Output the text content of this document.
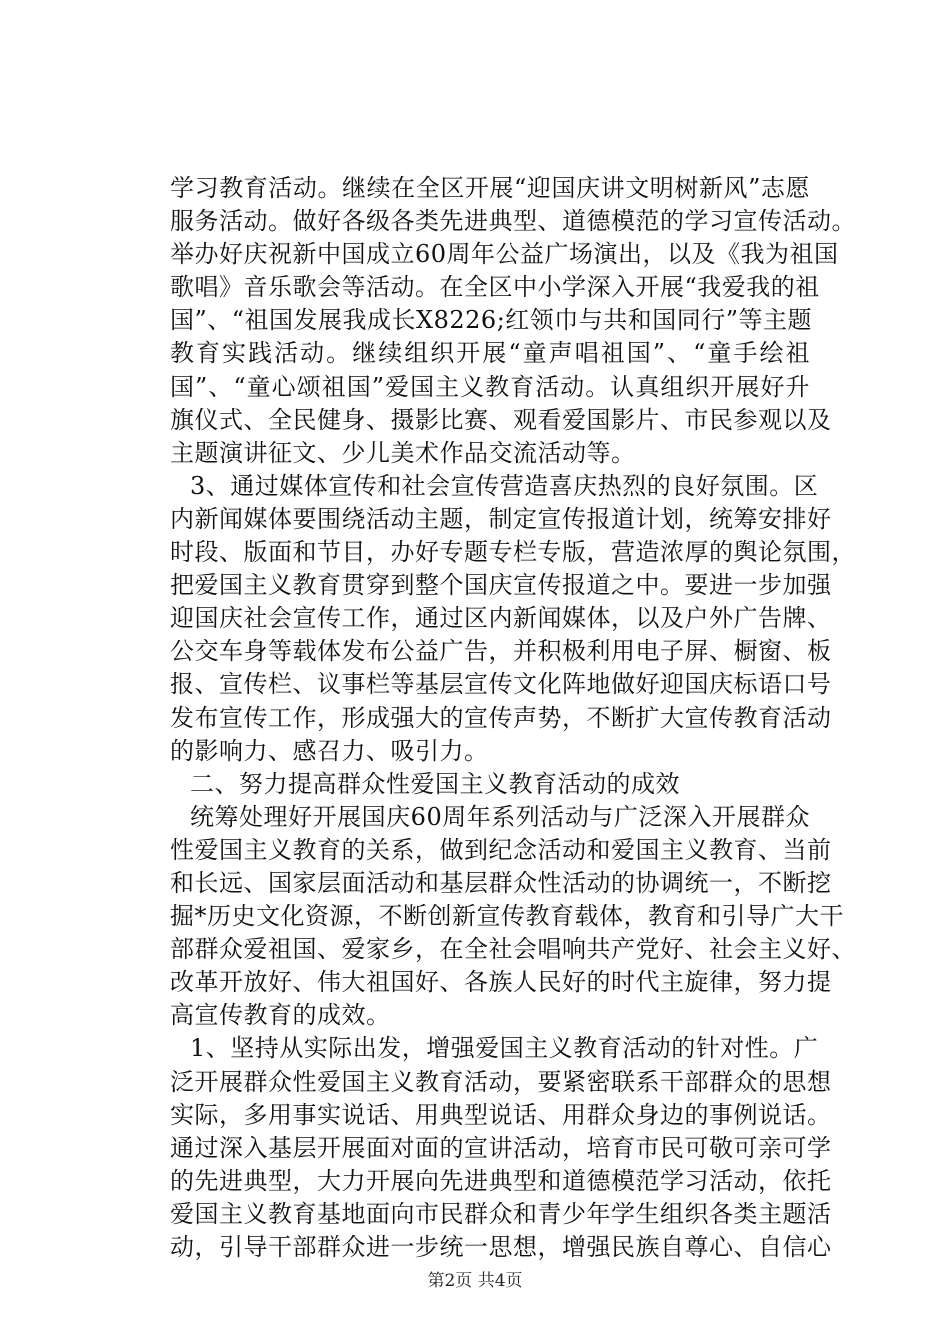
学习教育活动。继续在全区开展“迎国庆讲文明树新风”志愿
服务活动。做好各级各类先进典型、道德模范的学习宣传活动。
举办好庆祝新中国成立60周年公益广场演出，以及《我为祖国
歌唱》音乐歌会等活动。在全区中小学深入开展“我爱我的祖
国”、“祖国发展我成长X8226;红领巾与共和国同行”等主题
教育实践活动。继续组织开展“童声唱祖国”、“童手绘祖
国”、“童心颂祖国”爱国主义教育活动。认真组织开展好升
旗仪式、全民健身、摄影比赛、观看爱国影片、市民参观以及
主题演讲征文、少儿美术作品交流活动等。
3、通过媒体宣传和社会宣传营造喜庆热烈的良好氛围。区
内新闻媒体要围绕活动主题，制定宣传报道计划，统筹安排好
时段、版面和节目，办好专题专栏专版，营造浓厚的舆论氛围，
把爱国主义教育贯穿到整个国庆宣传报道之中。要进一步加强
迎国庆社会宣传工作，通过区内新闻媒体，以及户外广告牌、
公交车身等载体发布公益广告，并积极利用电子屏、橱窗、板
报、宣传栏、议事栏等基层宣传文化阵地做好迎国庆标语口号
发布宣传工作，形成强大的宣传声势，不断扩大宣传教育活动
的影响力、感召力、吸引力。
二、努力提高群众性爱国主义教育活动的成效
统筹处理好开展国庆60周年系列活动与广泛深入开展群众
性爱国主义教育的关系，做到纪念活动和爱国主义教育、当前
和长远、国家层面活动和基层群众性活动的协调统一，不断挖
掘*历史文化资源，不断创新宣传教育载体，教育和引导广大干
部群众爱祖国、爱家乡，在全社会唱响共产党好、社会主义好、
改革开放好、伟大祖国好、各族人民好的时代主旋律，努力提
高宣传教育的成效。
1、坚持从实际出发，增强爱国主义教育活动的针对性。广
泛开展群众性爱国主义教育活动，要紧密联系干部群众的思想
实际，多用事实说话、用典型说话、用群众身边的事例说话。
通过深入基层开展面对面的宣讲活动，培育市民可敬可亲可学
的先进典型，大力开展向先进典型和道德模范学习活动，依托
爱国主义教育基地面向市民群众和青少年学生组织各类主题活
动，引导干部群众进一步统一思想，增强民族自尊心、自信心
第2页 共4页
